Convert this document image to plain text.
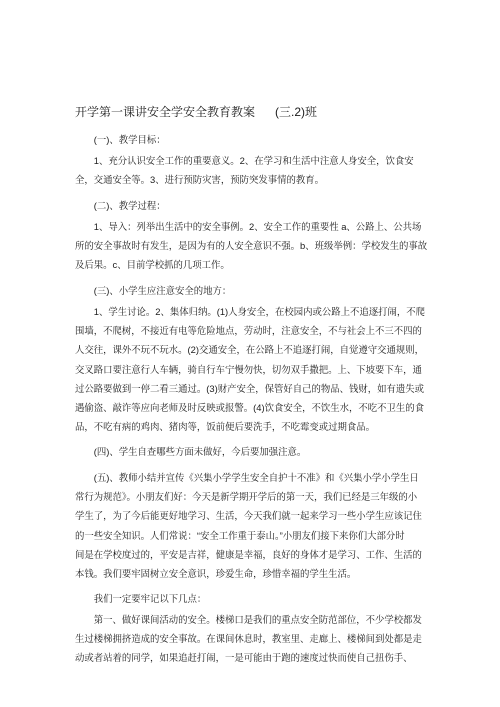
开学第一课讲安全学安全教育教案 (三.2)班
(一)、教学目标：
1、充分认识安全工作的重要意义。2、在学习和生活中注意人身安全，饮食安
全，交通安全等。3、进行预防灾害，预防突发事情的教育。
(二)、教学过程：
1、导入：列举出生活中的安全事例。2、安全工作的重要性 a、公路上、公共场
所的安全事故时有发生，是因为有的人安全意识不强。b、班级举例：学校发生的事故
及后果。c、目前学校抓的几项工作。
(三)、小学生应注意安全的地方：
1、学生讨论。2、集体归纳。(1)人身安全，在校园内或公路上不追逐打闹，不爬
围墙，不爬树，不接近有电等危险地点，劳动时，注意安全，不与社会上不三不四的
人交往，课外不玩不玩水。(2)交通安全，在公路上不追逐打闹，自觉遵守交通规则，
交叉路口要注意行人车辆，骑自行车宁慢勿快，切勿双手撒把。上、下坡要下车，通
过公路要做到一停二看三通过。(3)财产安全，保管好自己的物品、钱财，如有遗失或
遇偷盗、敲诈等应向老师及时反映或报警。(4)饮食安全，不饮生水，不吃不卫生的食
品，不吃有病的鸡肉、猪肉等，饭前便后要洗手，不吃霉变或过期食品。
(四)、学生自查哪些方面未做好，今后要加强注意。
(五)、教师小结并宣传《兴集小学学生安全自护十不准》和《兴集小学小学生日
常行为规范》。小朋友们好：今天是新学期开学后的第一天，我们已经是三年级的小
学生了，为了今后能更好地学习、生活，今天我们就一起来学习一些小学生应该记住
的一些安全知识。人们常说：“安全工作重于泰山。”小朋友们接下来你们大部分时
间是在学校度过的，平安是吉祥，健康是幸福，良好的身体才是学习、工作、生活的
本钱。我们要牢固树立安全意识，珍爱生命，珍惜幸福的学生生活。
我们一定要牢记以下几点：
第一、做好课间活动的安全。楼梯口是我们的重点安全防范部位，不少学校都发
生过楼梯拥挤造成的安全事故。在课间休息时，教室里、走廊上、楼梯间到处都是走
动或者站着的同学，如果追赶打闹，一是可能由于跑的速度过快而使自己扭伤手、
